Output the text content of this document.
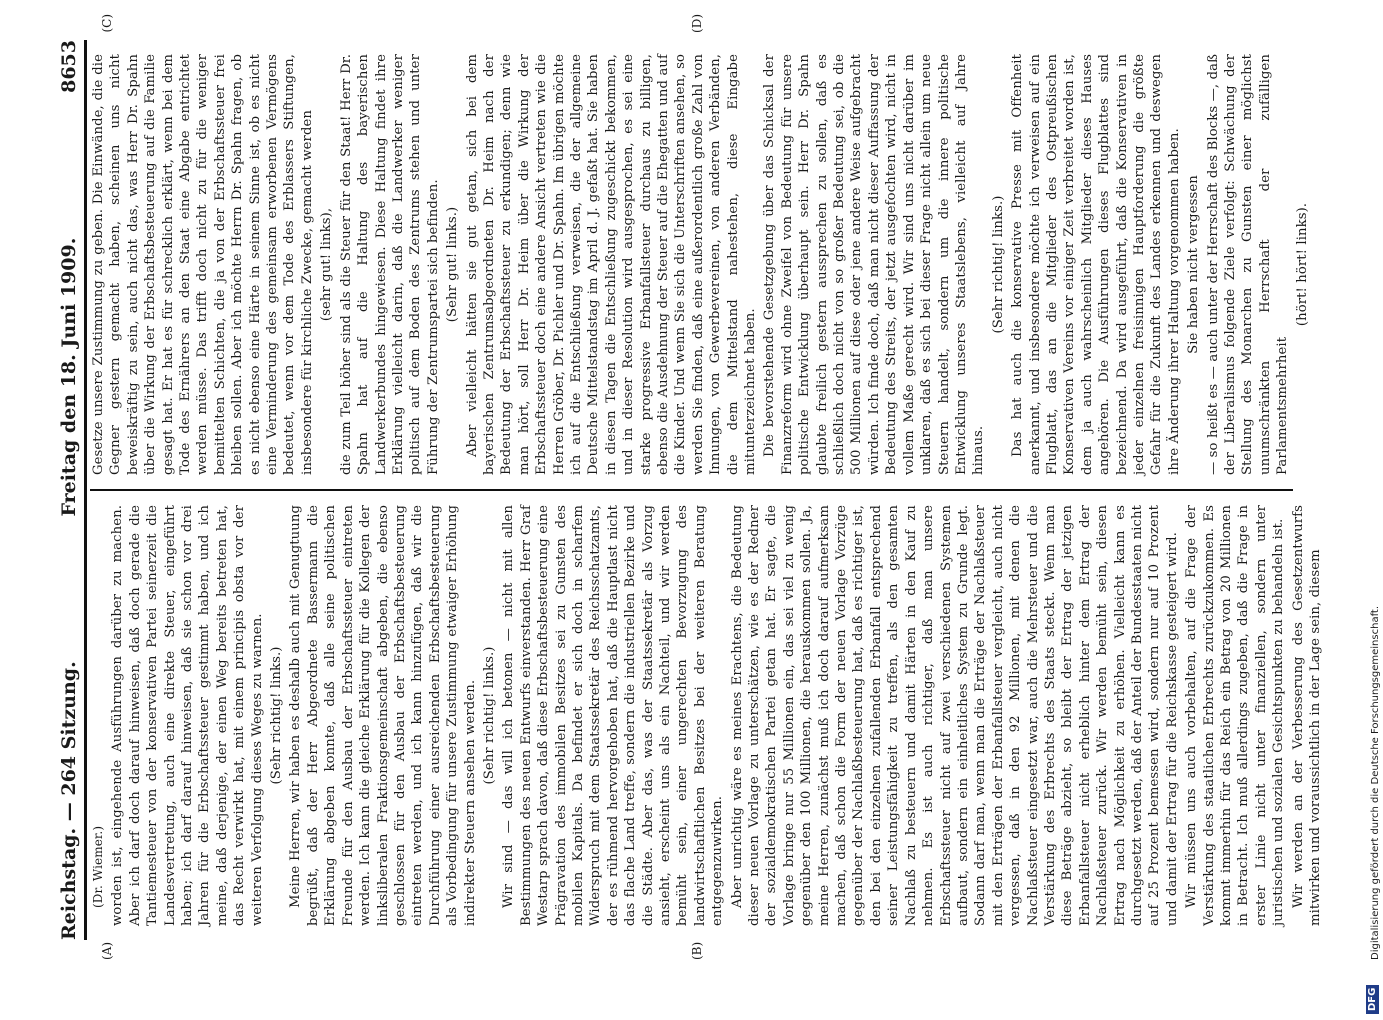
Reichstag. — 264 Sitzung.
Freitag den 18. Juni 1909.
8653
(A)	(B)
(C)	(D)

(Dr. Wiemer.) worden ist, eingehende Ausführungen darüber zu machen. Aber ich darf doch darauf hinweisen, daß doch gerade die Tantiemesteuer von der konservativen Partei seinerzeit die Landesvertretung, auch eine direkte Steuer, eingeführt haben; ich darf darauf hinweisen, daß sie schon vor drei Jahren für die Erbschaftssteuer gestimmt haben, und ich meine, daß derjenige, der einen Weg bereits betreten hat, das Recht verwirkt hat, mit einem principis obsta vor der weiteren Verfolgung dieses Weges zu warnen. (Sehr richtig! links.) Meine Herren, wir haben es deshalb auch mit Genugtuung begrüßt, daß der Herr Abgeordnete Bassermann die Erklärung abgeben konnte, daß alle seine politischen Freunde für den Ausbau der Erbschaftssteuer eintreten werden. Ich kann die gleiche Erklärung für die Kollegen der linksliberalen Fraktionsgemeinschaft abgeben, die ebenso geschlossen für den Ausbau der Erbschaftsbesteuerung eintreten werden, und ich kann hinzufügen, daß wir die Durchführung einer ausreichenden Erbschaftsbesteuerung als Vorbedingung für unsere Zustimmung etwaiger Erhöhung indirekter Steuern ansehen werden. (Sehr richtig! links.) Wir sind — das will ich betonen — nicht mit allen Bestimmungen des neuen Entwurfs einverstanden. Herr Graf Westarp sprach davon, daß diese Erbschaftsbesteuerung eine Prägravation des immobilen Besitzes sei zu Gunsten des mobilen Kapitals. Da befindet er sich doch in scharfem Widerspruch mit dem Staatssekretär des Reichsschatzamts, der es rühmend hervorgehoben hat, daß die Hauptlast nicht das flache Land treffe, sondern die industriellen Bezirke und die Städte. Aber das, was der Staatssekretär als Vorzug ansieht, erscheint uns als ein Nachteil, und wir werden bemüht sein, einer ungerechten Bevorzugung des landwirtschaftlichen Besitzes bei der weiteren Beratung entgegenzuwirken. Aber unrichtig wäre es meines Erachtens, die Bedeutung dieser neuen Vorlage zu unterschätzen, wie es der Redner der sozialdemokratischen Partei getan hat. Er sagte, die Vorlage bringe nur 55 Millionen ein, das sei viel zu wenig gegenüber den 100 Millionen, die herauskommen sollen. Ja, meine Herren, zunächst muß ich doch darauf aufmerksam machen, daß schon die Form der neuen Vorlage Vorzüge gegenüber der Nachlaßbesteuerung hat, daß es richtiger ist, den bei den einzelnen zufallenden Erbanfall entsprechend seiner Leistungsfähigkeit zu treffen, als den gesamten Nachlaß zu besteuern und damit Härten in den Kauf zu nehmen. Es ist auch richtiger, daß man unsere Erbschaftssteuer nicht auf zwei verschiedenen Systemen aufbaut, sondern ein einheitliches System zu Grunde legt. Sodann darf man, wenn man die Erträge der Nachlaßsteuer mit den Erträgen der Erbanfallsteuer vergleicht, auch nicht vergessen, daß in den 92 Millionen, mit denen die Nachlaßsteuer eingesetzt war, auch die Mehrsteuer und die Verstärkung des Erbrechts des Staats steckt. Wenn man diese Beträge abzieht, so bleibt der Ertrag der jetzigen Erbanfallsteuer nicht erheblich hinter dem Ertrag der Nachlaßsteuer zurück. Wir werden bemüht sein, diesen Ertrag nach Möglichkeit zu erhöhen. Vielleicht kann es durchgesetzt werden, daß der Anteil der Bundesstaaten nicht auf 25 Prozent bemessen wird, sondern nur auf 10 Prozent und damit der Ertrag für die Reichskasse gesteigert wird. Wir müssen uns auch vorbehalten, auf die Frage der Verstärkung des staatlichen Erbrechts zurückzukommen. Es kommt immerhin für das Reich ein Betrag von 20 Millionen in Betracht. Ich muß allerdings zugeben, daß die Frage in erster Linie nicht unter finanziellen, sondern unter juristischen und sozialen Gesichtspunkten zu behandeln ist. Wir werden an der Verbesserung des Gesetzentwurfs mitwirken und voraussichtlich in der Lage sein, diesem

Gesetze unsere Zustimmung zu geben. Die Einwände, die die Gegner gestern gemacht haben, scheinen uns nicht beweiskräftig zu sein, auch nicht das, was Herr Dr. Spahn über die Wirkung der Erbschaftsbesteuerung auf die Familie gesagt hat. Er hat es für schrecklich erklärt, wenn bei dem Tode des Ernährers an den Staat eine Abgabe entrichtet werden müsse. Das trifft doch nicht zu für die weniger bemittelten Schichten, die ja von der Erbschaftssteuer frei bleiben sollen. Aber ich möchte Herrn Dr. Spahn fragen, ob es nicht ebenso eine Härte in seinem Sinne ist, ob es nicht eine Verminderung des gemeinsam erworbenen Vermögens bedeutet, wenn vor dem Tode des Erblassers Stiftungen, insbesondere für kirchliche Zwecke, gemacht werden (sehr gut! links), die zum Teil höher sind als die Steuer für den Staat! Herr Dr. Spahn hat auf die Haltung des bayerischen Landwerkerbundes hingewiesen. Diese Haltung findet ihre Erklärung vielleicht darin, daß die Landwerker weniger politisch auf dem Boden des Zentrums stehen und unter Führung der Zentrumspartei sich befinden. (Sehr gut! links.) Aber vielleicht hätten sie gut getan, sich bei dem bayerischen Zentrumsabgeordneten Dr. Heim nach der Bedeutung der Erbschaftssteuer zu erkundigen; denn wie man hört, soll Herr Dr. Heim über die Wirkung der Erbschaftssteuer doch eine andere Ansicht vertreten wie die Herren Gröber, Dr. Pichler und Dr. Spahn. Im übrigen möchte ich auf die Entschließung verweisen, die der allgemeine Deutsche Mittelstandstag im April d. J. gefaßt hat. Sie haben in diesen Tagen die Entschließung zugeschickt bekommen, und in dieser Resolution wird ausgesprochen, es sei eine starke progressive Erbanfallsteuer durchaus zu billigen, ebenso die Ausdehnung der Steuer auf die Ehegatten und auf die Kinder. Und wenn Sie sich die Unterschriften ansehen, so werden Sie finden, daß eine außerordentlich große Zahl von Innungen, von Gewerbevereinen, von anderen Verbänden, die dem Mittelstand nahestehen, diese Eingabe mitunterzeichnet haben. Die bevorstehende Gesetzgebung über das Schicksal der Finanzreform wird ohne Zweifel von Bedeutung für unsere politische Entwicklung überhaupt sein. Herr Dr. Spahn glaubte freilich gestern aussprechen zu sollen, daß es schließlich doch nicht von so großer Bedeutung sei, ob die 500 Millionen auf diese oder jene andere Weise aufgebracht würden. Ich finde doch, daß man nicht dieser Auffassung der Bedeutung des Streits, der jetzt ausgefochten wird, nicht in vollem Maße gerecht wird. Wir sind uns nicht darüber im unklaren, daß es sich bei dieser Frage nicht allein um neue Steuern handelt, sondern um die innere politische Entwicklung unseres Staatslebens, vielleicht auf Jahre hinaus.

(Sehr richtig! links.) Das hat auch die konservative Presse mit Offenheit anerkannt, und insbesondere möchte ich verweisen auf ein Flugblatt, das an die Mitglieder des Ostpreußischen Konservativen Vereins vor einiger Zeit verbreitet worden ist, dem ja auch wahrscheinlich Mitglieder dieses Hauses angehören. Die Ausführungen dieses Flugblattes sind bezeichnend. Da wird ausgeführt, daß die Konservativen in jeder einzelnen freisinnigen Hauptforderung die größte Gefahr für die Zukunft des Landes erkennen und deswegen ihre Änderung ihrer Haltung vorgenommen haben. Sie haben nicht vergessen — so heißt es — auch unter der Herrschaft des Blocks —, daß der Liberalismus folgende Ziele verfolgt: Schwächung der Stellung des Monarchen zu Gunsten einer möglichst unumschränkten Herrschaft der zufälligen Parlamentsmehrheit

(hört! hört! links).

DFG
Digitalisierung gefördert durch die Deutsche Forschungsgemeinschaft.
